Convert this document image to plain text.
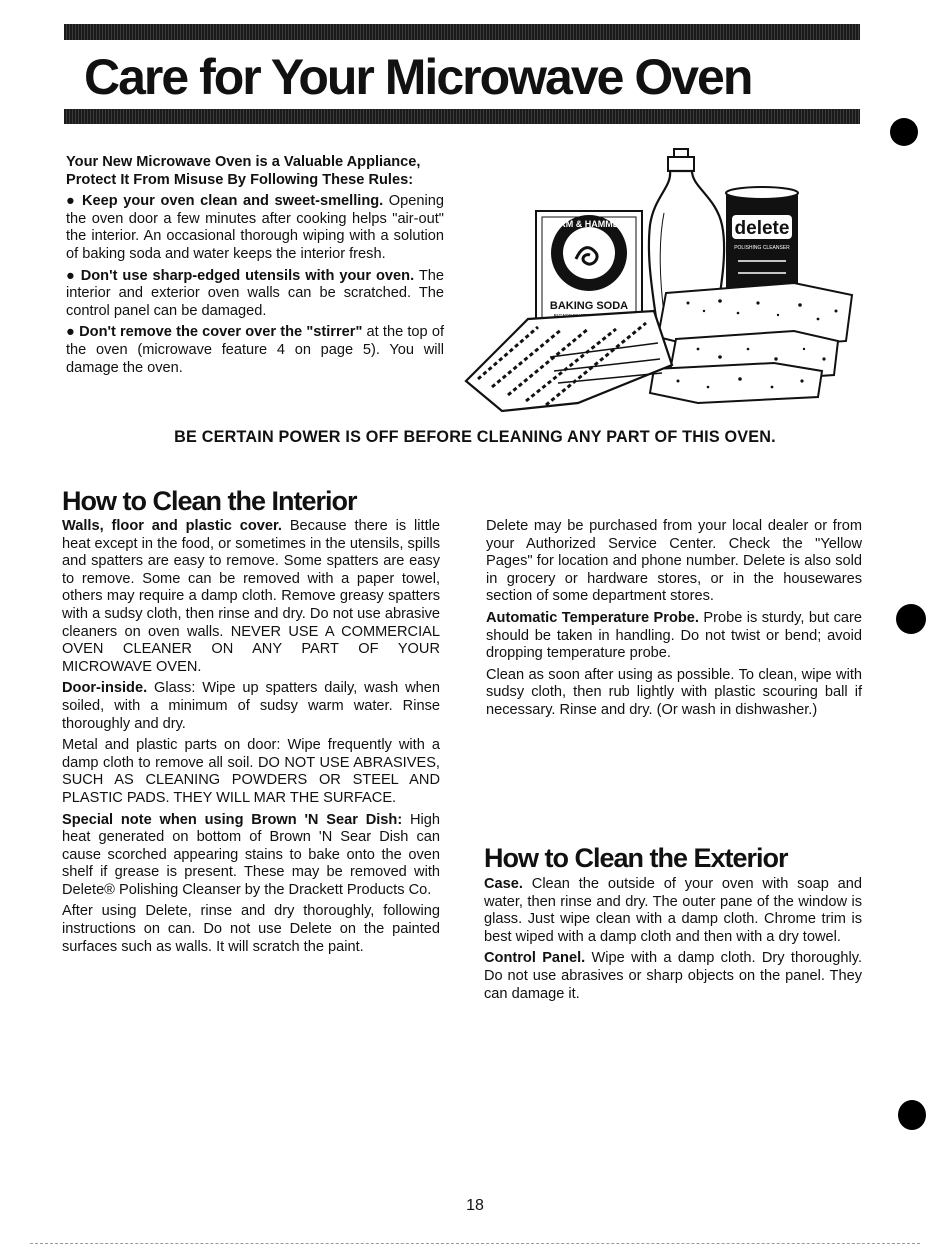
Care for Your Microwave Oven

Your New Microwave Oven is a Valuable Appliance, Protect It From Misuse By Following These Rules:

● Keep your oven clean and sweet-smelling. Opening the oven door a few minutes after cooking helps "air-out" the interior. An occasional thorough wiping with a solution of baking soda and water keeps the interior fresh.

● Don't use sharp-edged utensils with your oven. The interior and exterior oven walls can be scratched. The control panel can be damaged.

● Don't remove the cover over the "stirrer" at the top of the oven (microwave feature 4 on page 5). You will damage the oven.

ARM & HAMMER
BAKING SODA
delete
POLISHING CLEANSER

BE CERTAIN POWER IS OFF BEFORE CLEANING ANY PART OF THIS OVEN.

How to Clean the Interior

Walls, floor and plastic cover. Because there is little heat except in the food, or sometimes in the utensils, spills and spatters are easy to remove. Some spatters are easy to remove. Some can be removed with a paper towel, others may require a damp cloth. Remove greasy spatters with a sudsy cloth, then rinse and dry. Do not use abrasive cleaners on oven walls. NEVER USE A COMMERCIAL OVEN CLEANER ON ANY PART OF YOUR MICROWAVE OVEN.

Door-inside. Glass: Wipe up spatters daily, wash when soiled, with a minimum of sudsy warm water. Rinse thoroughly and dry.

Metal and plastic parts on door: Wipe frequently with a damp cloth to remove all soil. DO NOT USE ABRASIVES, SUCH AS CLEANING POWDERS OR STEEL AND PLASTIC PADS. THEY WILL MAR THE SURFACE.

Special note when using Brown 'N Sear Dish: High heat generated on bottom of Brown 'N Sear Dish can cause scorched appearing stains to bake onto the oven shelf if grease is present. These may be removed with Delete® Polishing Cleanser by the Drackett Products Co.

After using Delete, rinse and dry thoroughly, following instructions on can. Do not use Delete on the painted surfaces such as walls. It will scratch the paint.

Delete may be purchased from your local dealer or from your Authorized Service Center. Check the "Yellow Pages" for location and phone number. Delete is also sold in grocery or hardware stores, or in the housewares section of some department stores.

Automatic Temperature Probe. Probe is sturdy, but care should be taken in handling. Do not twist or bend; avoid dropping temperature probe.

Clean as soon after using as possible. To clean, wipe with sudsy cloth, then rub lightly with plastic scouring ball if necessary. Rinse and dry. (Or wash in dishwasher.)

How to Clean the Exterior

Case. Clean the outside of your oven with soap and water, then rinse and dry. The outer pane of the window is glass. Just wipe clean with a damp cloth. Chrome trim is best wiped with a damp cloth and then with a dry towel.

Control Panel. Wipe with a damp cloth. Dry thoroughly. Do not use abrasives or sharp objects on the panel. They can damage it.

18
